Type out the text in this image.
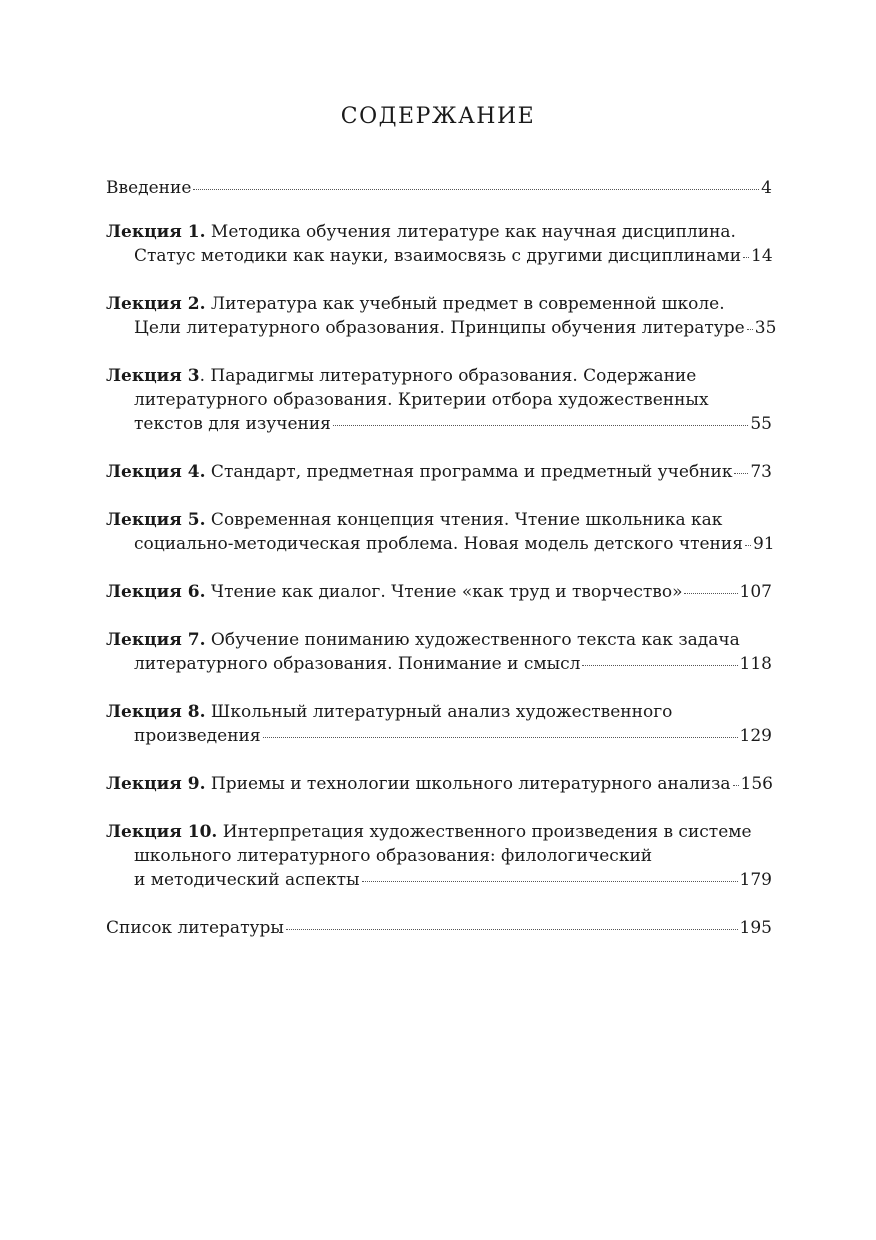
СОДЕРЖАНИЕ
Введение	4
Лекция 1. Методика обучения литературе как научная дисциплина.
Статус методики как науки, взаимосвязь с другими дисциплинами 14
Лекция 2. Литература как учебный предмет в современной школе.
Цели литературного образования. Принципы обучения литературе 35
Лекция 3. Парадигмы литературного образования. Содержание
литературного образования. Критерии отбора художественных
текстов для изучения	55
Лекция 4. Стандарт, предметная программа и предметный учебник 73
Лекция 5. Современная концепция чтения. Чтение школьника как
социально-методическая проблема. Новая модель детского чтения 91
Лекция 6. Чтение как диалог. Чтение «как труд и творчество»	107
Лекция 7. Обучение пониманию художественного текста как задача
литературного образования. Понимание и смысл	118
Лекция 8. Школьный литературный анализ художественного
произведения	129
Лекция 9. Приемы и технологии школьного литературного анализа 156
Лекция 10. Интерпретация художественного произведения в системе
школьного литературного образования: филологический
и методический аспекты	179
Список литературы	195
